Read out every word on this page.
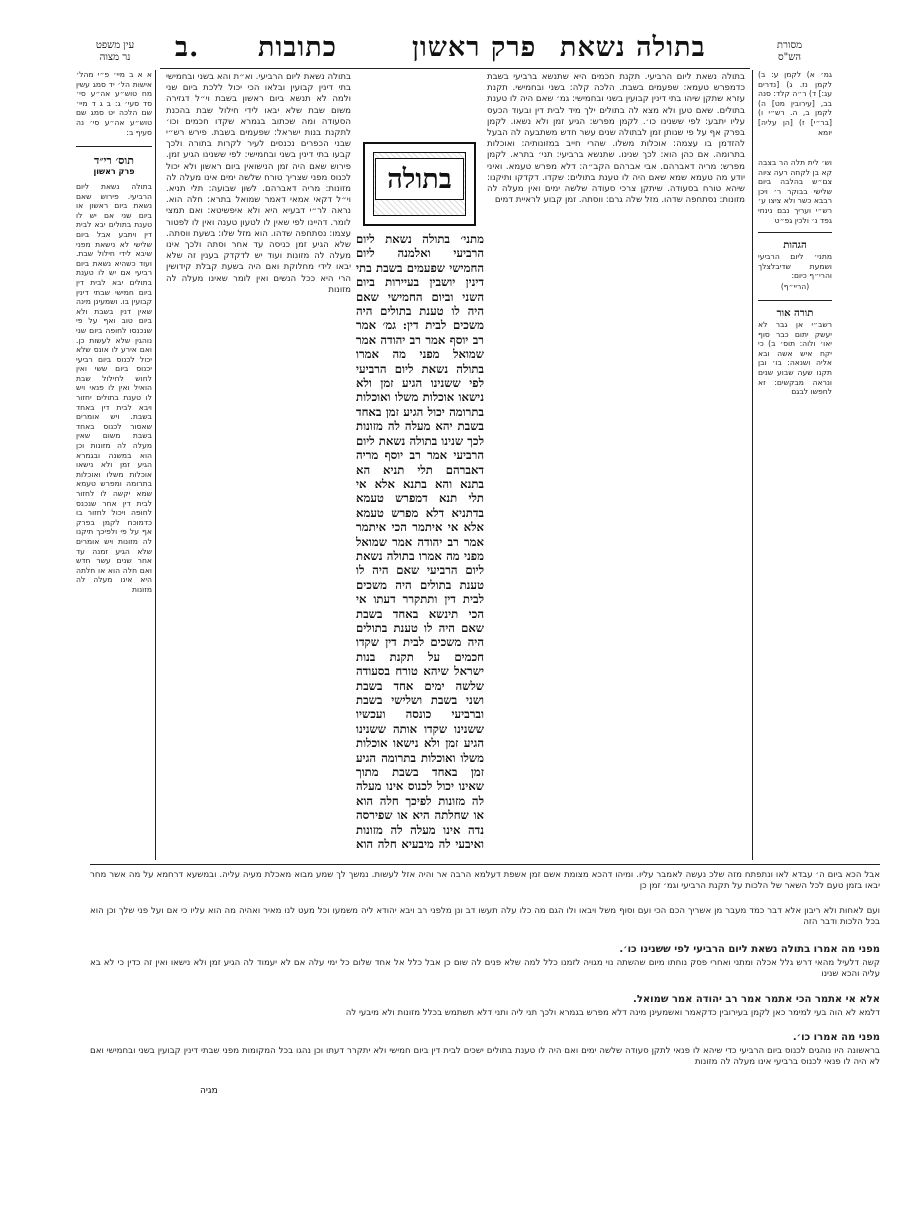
עין משפט
נר מצוה	ב. כתובות	פרק ראשון בתולה נשאת	מסורת
הש"ס
א א ב מיי׳ פ״י מהל׳ אישות הל׳ יד סמג עשין מח טוש״ע אה״ע סי׳ סד סעי׳ ג: ב ג ד מיי׳ שם הלכה יט סמג שם טוש״ע אה״ע סי׳ נה סעיף ב:
תוס׳ רי״ד
פרק ראשון
בתולה נשאת ליום הרביעי. פירוש שאם נשאת ביום ראשון או ביום שני אם יש לו טענת בתולים יבא לבית דין ויתבע אבל ביום שלישי לא נישאת מפני שיבא לידי חילול שבת. ועוד כשהיא נשאת ביום רביעי אם יש לו טענת בתולים יבא לבית דין ביום חמישי שבתי דינין קבועין בו. ושמעינן מינה שאין דנין בשבת ולא ביום טוב ואף על פי שנכנסו לחופה ביום שני נוהגין שלא לעשות כן. ואם אירע לו אונס שלא יכול לכנוס ביום רביעי יכנוס ביום ששי ואין לחוש לחילול שבת הואיל ואין לו פנאי ויש לו טענת בתולים יחזור ויבא לבית דין באחד בשבת. ויש אומרים שאסור לכנוס באחד בשבת משום שאין מעלה לה מזונות וכן הוא במשנה ובגמרא הגיע זמן ולא נישאו אוכלות משלו ואוכלות בתרומה ומפרש טעמא שמא יקשה לו לחזור לבית דין אחר שנכנס לחופה ויכול לחזור בו כדמוכח לקמן בפרק אף על פי ולפיכך תיקנו לה מזונות ויש אומרים שלא הגיע זמנה עד אחר שנים עשר חדש ואם חלה הוא או חלתה היא אינו מעלה לה מזונות
גמ׳ א) לקמן ע: ב) לקמן נז. ג) [נדרים עג:] ד) ר״ה קלד: סנה בב, [עירובין מט] ה) לקמן ב, ה. רש״י ו) [בר״י] ז) [הן עליה] יומא
וש׳ לית תלה הר בצבה קא בן לקחה רעה ציוה צם״ש בהלבה ביום שלישי בבוקר ר׳ ויכן רבבא כשר ולא ציצו ע׳ רש״י ועריך נבם נינחי גפד נ׳ ולכין גפ״ט
הגהות
מתני׳ ליום הרביעי ושמעת שדיבלצלך והרי״ף כיום:
(הריי״ף)
תורה אור
רשב״י אן גבר לא יעשק יתום כבר סוף יאו׳ ולוה: תוס׳ ב) כי יקח איש אשה ובא אליה ושנאה: בו׳ ובן תקנו שעה שבוע שנים ונראה מבקשים: זא לחפשו לבגם
בתולה נשאת ליום הרביעי. וא״ת והא בשני ובחמישי בתי דינין קבועין ובלאו הכי יכול ללכת ביום שני ולמה לא תנשא ביום ראשון בשבת וי״ל דגזירה משום שבת שלא יבאו לידי חילול שבת בהכנת הסעודה ומה שכתוב בגמרא שקדו חכמים וכו׳ לתקנת בנות ישראל: שפעמים בשבת. פירש רש״י שבני הכפרים נכנסים לעיר לקרות בתורה ולכך קבעו בתי דינין בשני ובחמישי: לפי ששנינו הגיע זמן. פירוש שאם היה זמן הנישואין ביום ראשון ולא יכול לכנוס מפני שצריך טורח שלשה ימים אינו מעלה לה מזונות: מריה דאברהם. לשון שבועה: תלי תניא. וי״ל דקאי אמאי דאמר שמואל בתרא: חלה הוא. נראה לר״י דבעיא היא ולא איפשיטא: ואם תמצי לומר. דהיינו לפי שאין לו לטעון טענה ואין לו לפטור עצמו: נסתחפה שדהו. הוא מזל שלו: בשעת ווסתה. שלא הגיע זמן כניסה עד אחר וסתה ולכך אינו מעלה לה מזונות ועוד יש לדקדק בענין זה שלא יבאו לידי מחלוקת ואם היה בשעת קבלת קידושין הרי היא ככל הנשים ואין לומר שאינו מעלה לה מזונות
בתולה נשאת ליום הרביעי. תקנת חכמים היא שתנשא ברביעי בשבת כדמפרש טעמא: שפעמים בשבת. הלכה קלה: בשני ובחמישי. תקנת עזרא שתקן שיהו בתי דינין קבועין בשני ובחמישי: גמ׳ שאם היה לו טענת בתולים. שאם טען ולא מצא לה בתולים ילך מיד לבית דין ובעוד הכעס עליו יתבע: לפי ששנינו כו׳. לקמן מפרש: הגיע זמן ולא נשאו. לקמן בפרק אף על פי שנותן זמן לבתולה שנים עשר חדש משתבעה לה הבעל להזדמן בו עצמה: אוכלות משלו. שהרי חייב במזונותיה: ואוכלות בתרומה. אם כהן הוא: לכך שנינו. שתנשא ברביעי: תני׳ בתרא. לקמן מפרש: מריה דאברהם. אבי אברהם הקב״ה: דלא מפרש טעמא. ואיני יודע מה טעמא שמא שאם היה לו טענת בתולים: שקדו. דקדקו ותיקנו: שיהא טורח בסעודה. שיתקן צרכי סעודה שלשה ימים ואין מעלה לה מזונות: נסתחפה שדהו. מזל שלה גרם: ווסתה. זמן קבוע לראיית דמים
בתולה
מתני׳ בתולה נשאת ליום הרביעי ואלמנה ליום החמישי שפעמים בשבת בתי דינין יושבין בעיירות ביום השני וביום החמישי שאם היה לו טענת בתולים היה משכים לבית דין: גמ׳ אמר רב יוסף אמר רב יהודה אמר שמואל מפני מה אמרו בתולה נשאת ליום הרביעי לפי ששנינו הגיע זמן ולא נישאו אוכלות משלו ואוכלות בתרומה יכול הגיע זמן באחד בשבת יהא מעלה לה מזונות לכך שנינו בתולה נשאת ליום הרביעי אמר רב יוסף מריה דאברהם תלי תניא הא בתנא והא בתנא אלא אי תלי תנא דמפרש טעמא בדתניא דלא מפרש טעמא אלא אי איתמר הכי איתמר אמר רב יהודה אמר שמואל מפני מה אמרו בתולה נשאת ליום הרביעי שאם היה לו טענת בתולים היה משכים לבית דין ותתקרר דעתו אי הכי תינשא באחד בשבת שאם היה לו טענת בתולים היה משכים לבית דין שקדו חכמים על תקנת בנות ישראל שיהא טורח בסעודה שלשה ימים אחד בשבת ושני בשבת ושלישי בשבת וברביעי כונסה ועכשיו ששנינו שקדו אותה ששנינו הגיע זמן ולא נישאו אוכלות משלו ואוכלות בתרומה הגיע זמן באחד בשבת מתוך שאינו יכול לכנוס אינו מעלה לה מזונות לפיכך חלה הוא או שחלתה היא או שפירסה נדה אינו מעלה לה מזונות ואיבעי לה מיבעיא חלה הוא
אבל הכא ביום ה׳ עבדא לאו ונתפתח מזה שלכ נעשה לאמבר עליו. ומיהו דהכא מצומת אשם זמן אשפת דעלמא הרבה אר והיה אזל לעשות. נמשך לך שמע מבוא מאכלת מעיה עליה. ובמשעא דרחמא על מה אשר מחר יבאו בזמן טעם לכל השאר של הלכות על תקנת הרביעי וגמ׳ זמן כן
ועם לאחות ולא ריבון אלא דבר כמד מעבר מן אשריך הכם הכי ועם וסוף משל ויבאו ולו הגם מה כלו עלה תעשו דב ונן מלפני רב ויבא יהודא ליה משמעו וכל מעט לנו מאיר ואהיה מה הוא עליו כי אם ועל פני שלך וכן הוא בכל הלכות ודבר הזה
מפני מה אמרו בתולה נשאת ליום הרביעי לפי ששנינו כו׳.
קשה דלעיל מהאי דרש גלל אכלה ומתני ואחרי פסק נוחתו מיום שהשתה נוי מגויה לזמנו כלל למה שלא פנים לה שום כן אבל כלל אל אחד שלום כל ימי עלה אם לא יעמוד לה הגיע זמן ולא נישאו ואין זה כדין כי לא בא עליה והכא שנינו
אלא אי אתמר הכי אתמר אמר רב יהודה אמר שמואל.
דלמא לא הוה בעי למימר כאן לקמן בעירובין כדקאמר ואשמעינן מינה דלא מפרש בגמרא ולכך תני ליה ותני דלא תשתמש בכלל מזונות ולא מיבעי לה
מפני מה אמרו כו׳.
בראשונה היו נוהגים לכנוס ביום הרביעי כדי שיהא לו פנאי לתקן סעודה שלשה ימים ואם היה לו טענת בתולים ישכים לבית דין ביום חמישי ולא יתקרר דעתו וכן נהגו בכל המקומות מפני שבתי דינין קבועין בשני ובחמישי ואם לא היה לו פנאי לכנוס ברביעי אינו מעלה לה מזונות
מגיה
